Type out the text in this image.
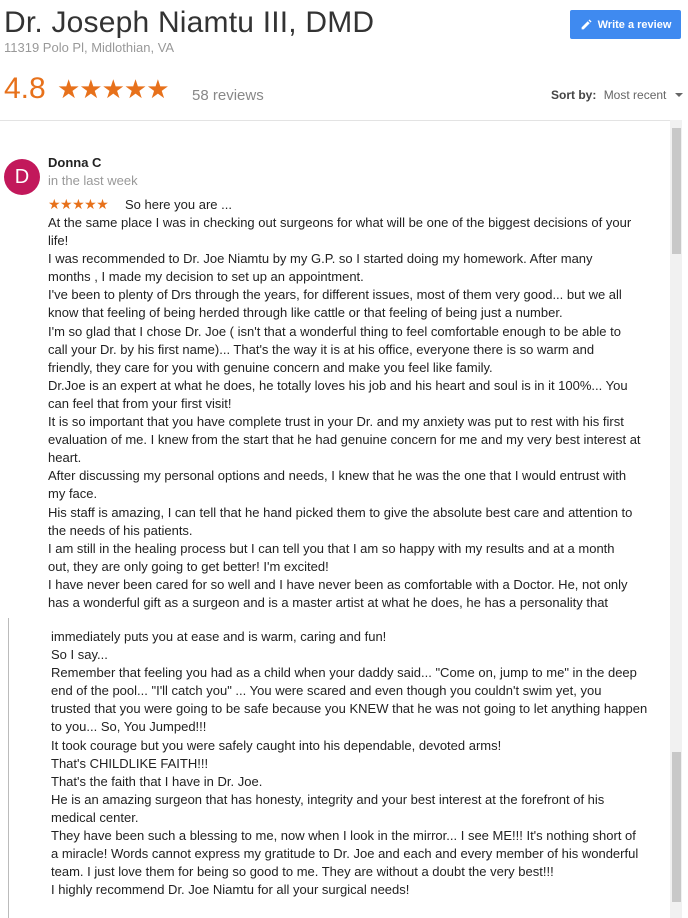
Dr. Joseph Niamtu III, DMD
11319 Polo Pl, Midlothian, VA
Write a review
4.8 ★★★★★ 58 reviews	Sort by: Most recent
D
Donna C
in the last week
★★★★★ So here you are ...

At the same place I was in checking out surgeons for what will be one of the biggest decisions of your

life!

I was recommended to Dr. Joe Niamtu by my G.P. so I started doing my homework. After many

months , I made my decision to set up an appointment.

I've been to plenty of Drs through the years, for different issues, most of them very good... but we all

know that feeling of being herded through like cattle or that feeling of being just a number.

I'm so glad that I chose Dr. Joe ( isn't that a wonderful thing to feel comfortable enough to be able to

call your Dr. by his first name)... That's the way it is at his office, everyone there is so warm and

friendly, they care for you with genuine concern and make you feel like family.

Dr.Joe is an expert at what he does, he totally loves his job and his heart and soul is in it 100%... You

can feel that from your first visit!

It is so important that you have complete trust in your Dr. and my anxiety was put to rest with his first

evaluation of me. I knew from the start that he had genuine concern for me and my very best interest at

heart.

After discussing my personal options and needs, I knew that he was the one that I would entrust with

my face.

His staff is amazing, I can tell that he hand picked them to give the absolute best care and attention to

the needs of his patients.

I am still in the healing process but I can tell you that I am so happy with my results and at a month

out, they are only going to get better! I'm excited!

I have never been cared for so well and I have never been as comfortable with a Doctor. He, not only

has a wonderful gift as a surgeon and is a master artist at what he does, he has a personality that

immediately puts you at ease and is warm, caring and fun!

So I say...

Remember that feeling you had as a child when your daddy said... "Come on, jump to me" in the deep

end of the pool... "I'll catch you" ... You were scared and even though you couldn't swim yet, you

trusted that you were going to be safe because you KNEW that he was not going to let anything happen

to you... So, You Jumped!!!

It took courage but you were safely caught into his dependable, devoted arms!

That's CHILDLIKE FAITH!!!

That's the faith that I have in Dr. Joe.

He is an amazing surgeon that has honesty, integrity and your best interest at the forefront of his

medical center.

They have been such a blessing to me, now when I look in the mirror... I see ME!!! It's nothing short of

a miracle! Words cannot express my gratitude to Dr. Joe and each and every member of his wonderful

team. I just love them for being so good to me. They are without a doubt the very best!!!

I highly recommend Dr. Joe Niamtu for all your surgical needs!
